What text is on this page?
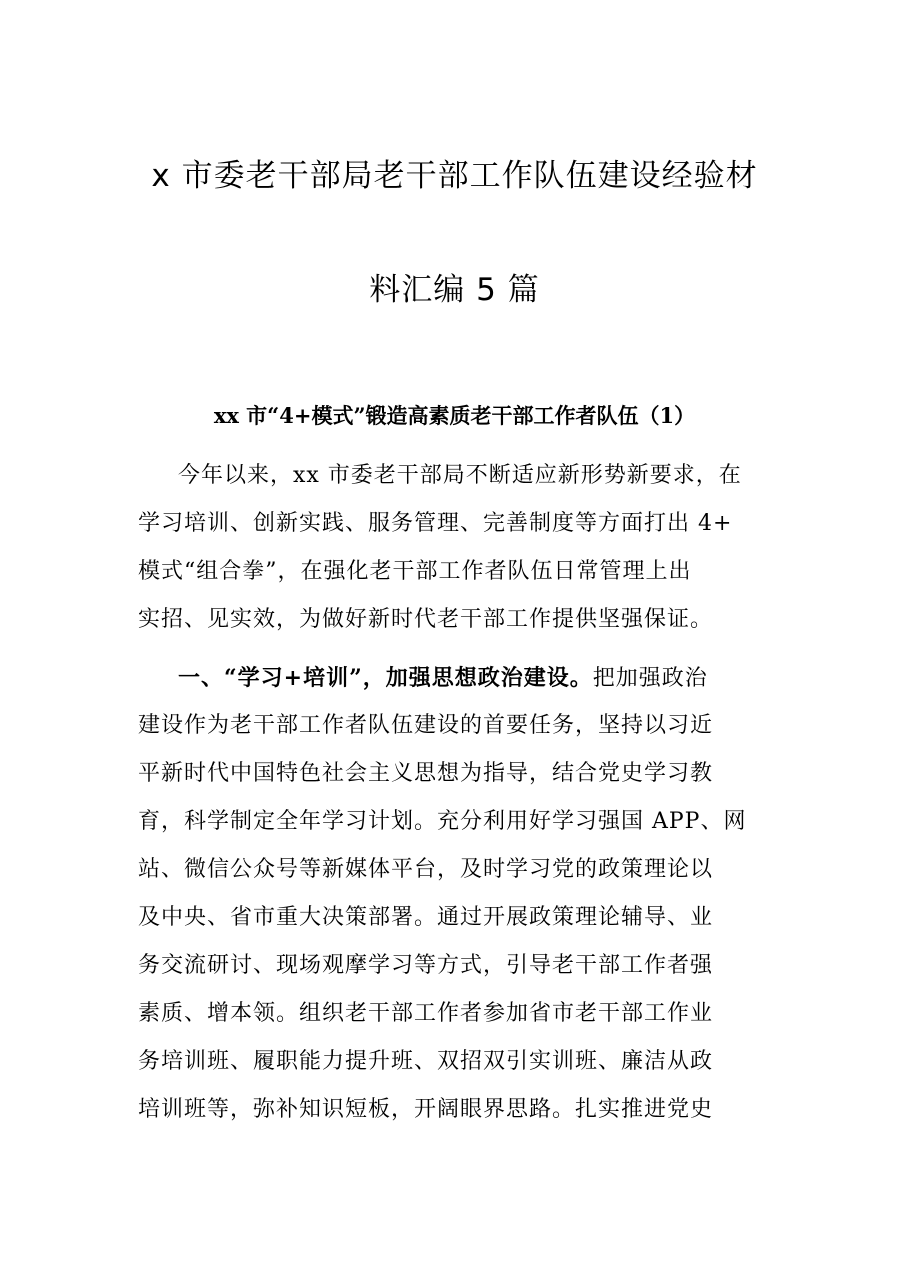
x 市委老干部局老干部工作队伍建设经验材
料汇编 5 篇
xx 市“4+模式”锻造高素质老干部工作者队伍（1）
今年以来，xx 市委老干部局不断适应新形势新要求，在
学习培训、创新实践、服务管理、完善制度等方面打出 4+
模式“组合拳”，在强化老干部工作者队伍日常管理上出
实招、见实效，为做好新时代老干部工作提供坚强保证。
一、“学习+培训”，加强思想政治建设。把加强政治
建设作为老干部工作者队伍建设的首要任务，坚持以习近
平新时代中国特色社会主义思想为指导，结合党史学习教
育，科学制定全年学习计划。充分利用好学习强国 APP、网
站、微信公众号等新媒体平台，及时学习党的政策理论以
及中央、省市重大决策部署。通过开展政策理论辅导、业
务交流研讨、现场观摩学习等方式，引导老干部工作者强
素质、增本领。组织老干部工作者参加省市老干部工作业
务培训班、履职能力提升班、双招双引实训班、廉洁从政
培训班等，弥补知识短板，开阔眼界思路。扎实推进党史
